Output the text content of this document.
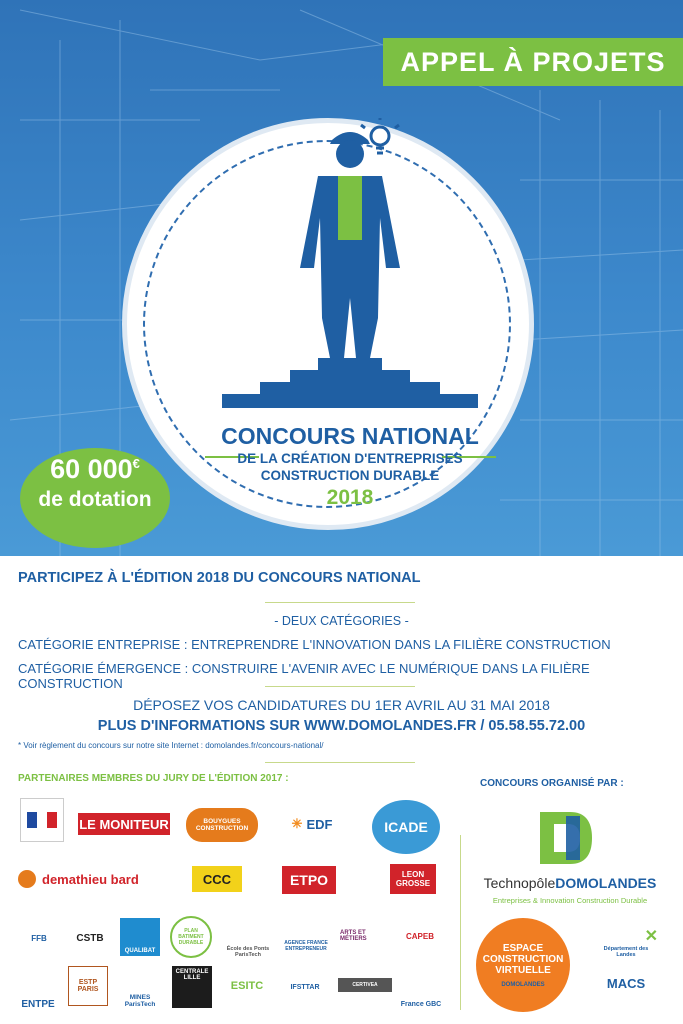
APPEL À PROJETS
CONCOURS NATIONAL
DE LA CRÉATION D'ENTREPRISES
CONSTRUCTION DURABLE
2018
60 000€
de dotation
PARTICIPEZ À L'ÉDITION 2018 DU CONCOURS NATIONAL
- DEUX CATÉGORIES -
CATÉGORIE ENTREPRISE : ENTREPRENDRE L'INNOVATION DANS LA FILIÈRE CONSTRUCTION
CATÉGORIE ÉMERGENCE : CONSTRUIRE L'AVENIR AVEC LE NUMÉRIQUE DANS LA FILIÈRE CONSTRUCTION
DÉPOSEZ VOS CANDIDATURES DU 1ER AVRIL AU 31 MAI 2018
PLUS D'INFORMATIONS SUR WWW.DOMOLANDES.FR / 05.58.55.72.00
* Voir règlement du concours sur notre site Internet : domolandes.fr/concours-national/
PARTENAIRES MEMBRES DU JURY DE L'ÉDITION 2017 :	CONCOURS ORGANISÉ PAR :
LE MONITEUR	BOUYGUES CONSTRUCTION	✳ EDF	ICADE
demathieu bard	CCC	ETPO	LEON GROSSE
FFB	CSTB
QUALIBAT
PLAN BATIMENT DURABLE
École des Ponts ParisTech
AGENCE FRANCE ENTREPRENEUR
ARTS ET MÉTIERS	CAPEB
ENTPE
ESTP PARIS
MINES ParisTech
CENTRALE LILLE
ESITC	IFSTTAR	CERTIVEA
France GBC
Technopôle DOMOLANDES
Entreprises & Innovation Construction Durable
ESPACE CONSTRUCTION VIRTUELLE
DOMOLANDES
✕
Département des Landes
MACS
